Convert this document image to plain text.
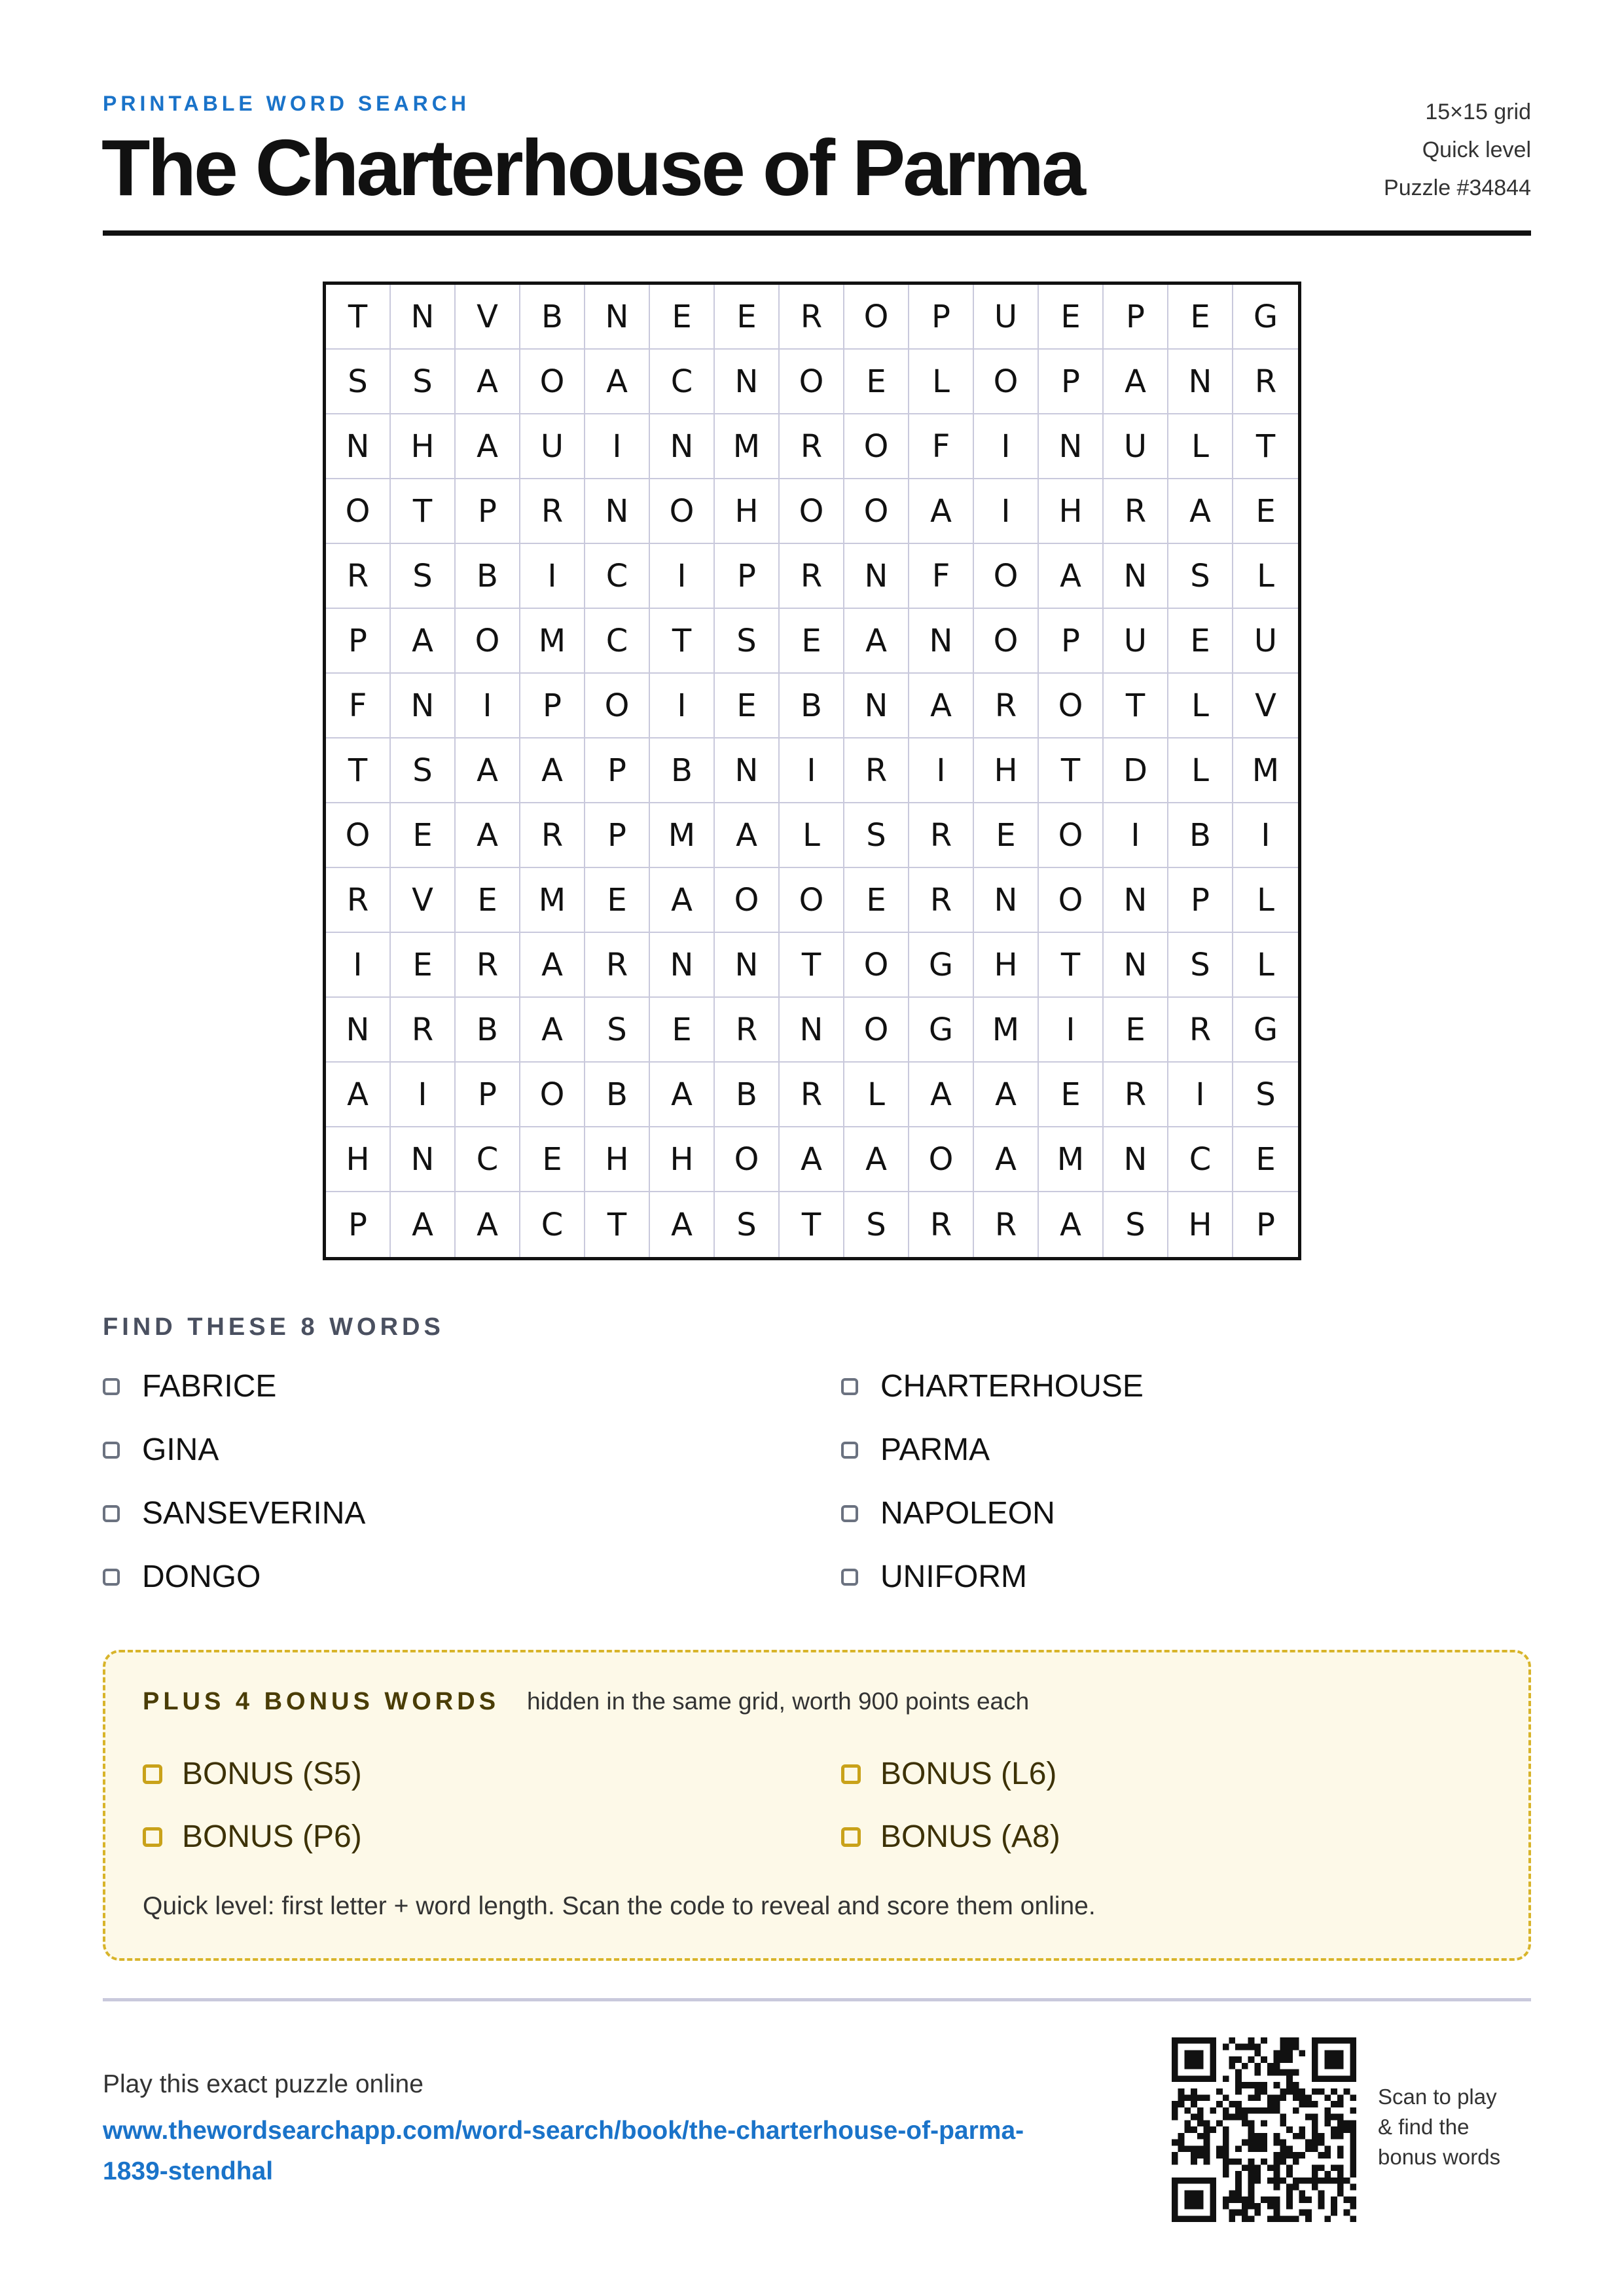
PRINTABLE WORD SEARCH
The Charterhouse of Parma
15×15 grid
Quick level
Puzzle #34844
T	N	V	B	N	E	E	R	O	P	U	E	P	E	G
S	S	A	O	A	C	N	O	E	L	O	P	A	N	R
N	H	A	U	I	N	M	R	O	F	I	N	U	L	T
O	T	P	R	N	O	H	O	O	A	I	H	R	A	E
R	S	B	I	C	I	P	R	N	F	O	A	N	S	L
P	A	O	M	C	T	S	E	A	N	O	P	U	E	U
F	N	I	P	O	I	E	B	N	A	R	O	T	L	V
T	S	A	A	P	B	N	I	R	I	H	T	D	L	M
O	E	A	R	P	M	A	L	S	R	E	O	I	B	I
R	V	E	M	E	A	O	O	E	R	N	O	N	P	L
I	E	R	A	R	N	N	T	O	G	H	T	N	S	L
N	R	B	A	S	E	R	N	O	G	M	I	E	R	G
A	I	P	O	B	A	B	R	L	A	A	E	R	I	S
H	N	C	E	H	H	O	A	A	O	A	M	N	C	E
P	A	A	C	T	A	S	T	S	R	R	A	S	H	P
FIND THESE 8 WORDS
FABRICE
GINA
SANSEVERINA
DONGO
CHARTERHOUSE
PARMA
NAPOLEON
UNIFORM
PLUS 4 BONUS WORDS hidden in the same grid, worth 900 points each
BONUS (S5)
BONUS (P6)
BONUS (L6)
BONUS (A8)
Quick level: first letter + word length. Scan the code to reveal and score them online.
Play this exact puzzle online
www.thewordsearchapp.com/word-search/book/the-charterhouse-of-parma-1839-stendhal
Scan to play
& find the
bonus words
